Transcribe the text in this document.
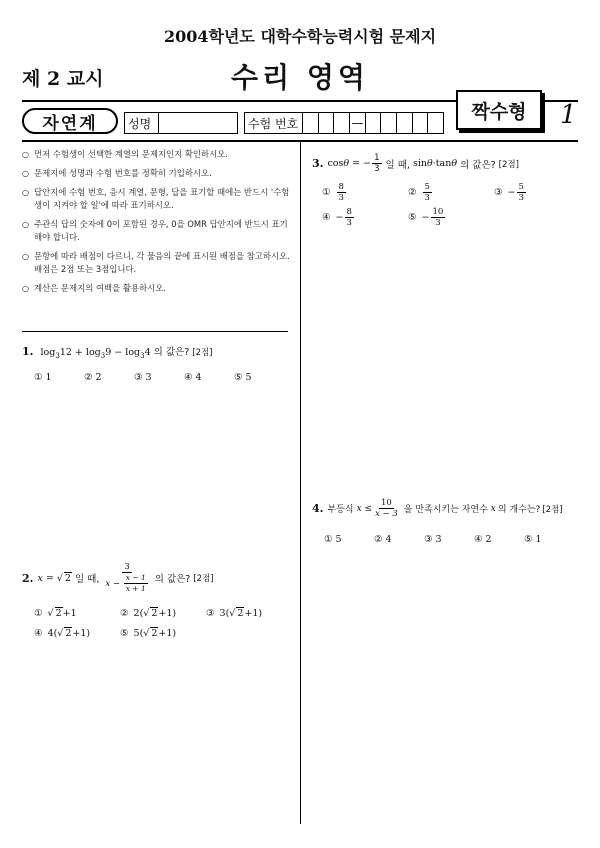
2004학년도 대학수학능력시험 문제지
제 2 교시	수리 영역
자연계	성명	수험 번호	—
짝수형	1
○ 먼저 수험생이 선택한 계열의 문제지인지 확인하시오.
○ 문제지에 성명과 수험 번호를 정확히 기입하시오.
○ 답안지에 수험 번호, 응시 계열, 문형, 답을 표기할 때에는 반드시 '수험생이 지켜야 할 일'에 따라 표기하시오.
○ 주관식 답의 숫자에 0이 포함된 경우, 0을 OMR 답안지에 반드시 표기해야 합니다.
○ 문항에 따라 배점이 다르니, 각 물음의 끝에 표시된 배점을 참고하시오. 배점은 2점 또는 3점입니다.
○ 계산은 문제지의 여백을 활용하시오.
1. $\log_312 + \log_39 - \log_34$ 의 값은? [2점]
① 1	② 2	③ 3	④ 4	⑤ 5
2. x = √ 2 일 때, $\frac{3}{x - \frac{x - 1}{x + 1}}$ 의 값은? [2점]
① √ 2 +1	② 2(√ 2 +1)	③ 3(√ 2 +1)
④ 4(√ 2 +1)	⑤ 5(√ 2 +1)
3. cosθ = − $\frac{1}{3}$ 일 때, sinθ·tanθ 의 값은? [2점]
① $\frac{8}{3}$	② $\frac{5}{3}$	③ − $\frac{5}{3}$
④ − $\frac{8}{3}$	⑤ − $\frac{10}{3}$
4. 부등식 $x \le \frac{10}{x - 3}$ 을 만족시키는 자연수 x 의 개수는? [2점]
① 5	② 4	③ 3	④ 2	⑤ 1
